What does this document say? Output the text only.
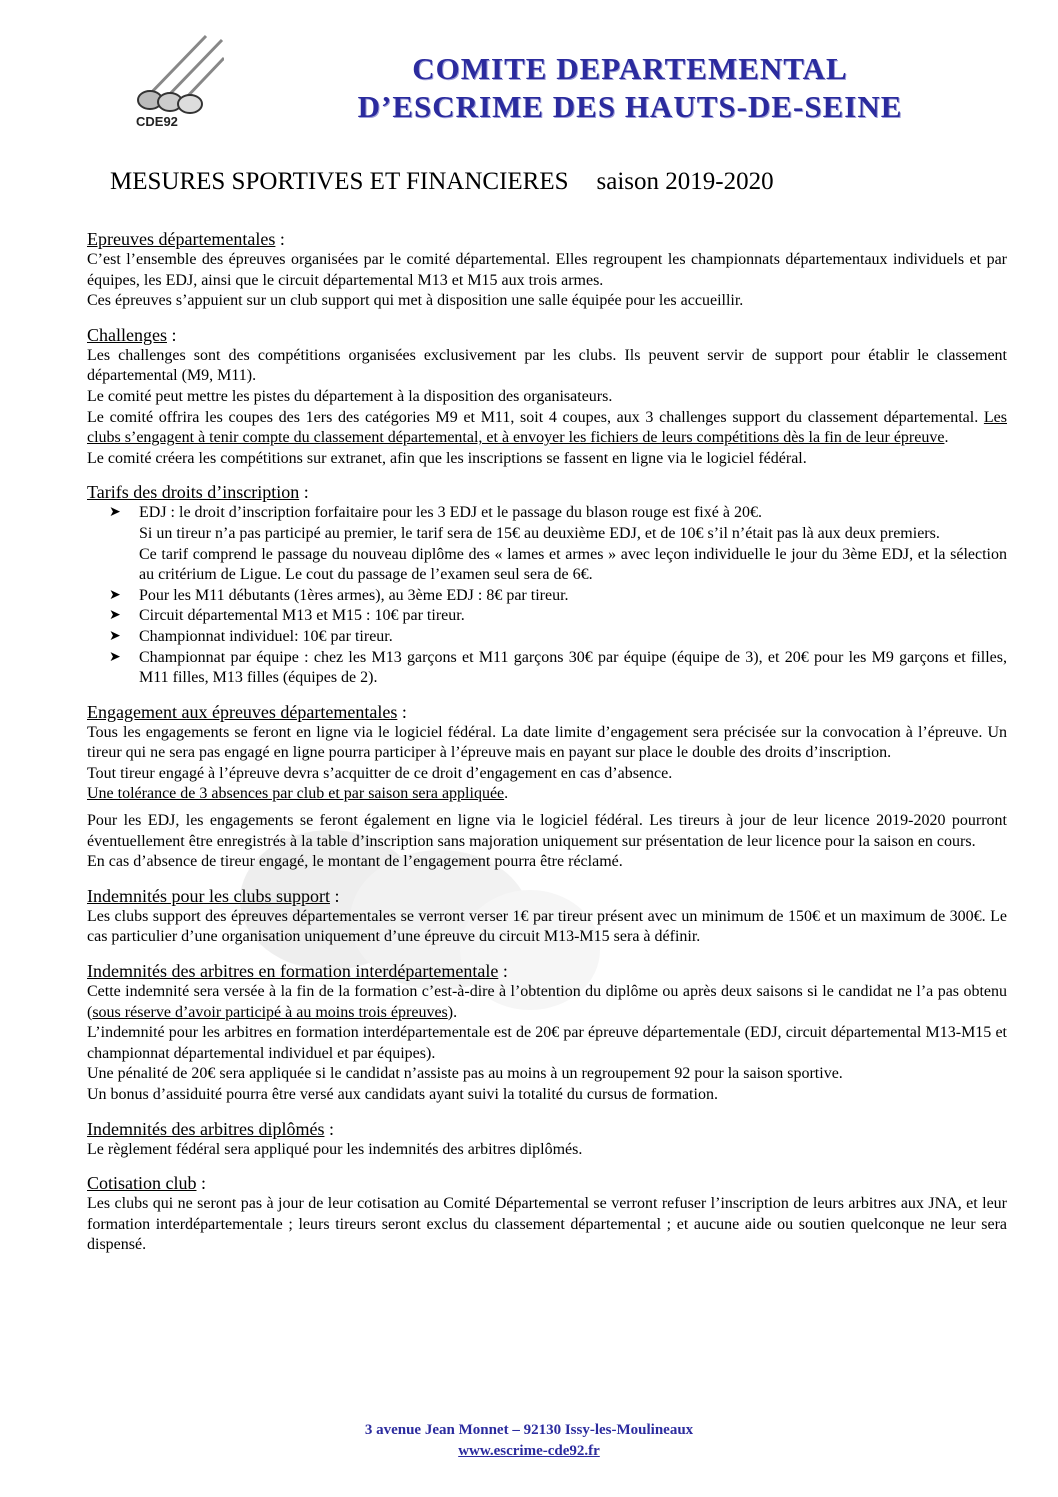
CDE92
COMITE DEPARTEMENTAL
D’ESCRIME DES HAUTS-DE-SEINE
MESURES SPORTIVES ET FINANCIERES saison 2019-2020
Epreuves départementales :

C’est l’ensemble des épreuves organisées par le comité départemental. Elles regroupent les championnats départementaux individuels et par équipes, les EDJ, ainsi que le circuit départemental M13 et M15 aux trois armes.

Ces épreuves s’appuient sur un club support qui met à disposition une salle équipée pour les accueillir.

Challenges :

Les challenges sont des compétitions organisées exclusivement par les clubs. Ils peuvent servir de support pour établir le classement départemental (M9, M11).

Le comité peut mettre les pistes du département à la disposition des organisateurs.

Le comité offrira les coupes des 1ers des catégories M9 et M11, soit 4 coupes, aux 3 challenges support du classement départemental. Les clubs s’engagent à tenir compte du classement départemental, et à envoyer les fichiers de leurs compétitions dès la fin de leur épreuve.

Le comité créera les compétitions sur extranet, afin que les inscriptions se fassent en ligne via le logiciel fédéral.

Tarifs des droits d’inscription :
➤ EDJ : le droit d’inscription forfaitaire pour les 3 EDJ et le passage du blason rouge est fixé à 20€.
Si un tireur n’a pas participé au premier, le tarif sera de 15€ au deuxième EDJ, et de 10€ s’il n’était pas là aux deux premiers.
Ce tarif comprend le passage du nouveau diplôme des « lames et armes » avec leçon individuelle le jour du 3ème EDJ, et la sélection au critérium de Ligue. Le cout du passage de l’examen seul sera de 6€.
➤ Pour les M11 débutants (1ères armes), au 3ème EDJ : 8€ par tireur.
➤ Circuit départemental M13 et M15 : 10€ par tireur.
➤ Championnat individuel: 10€ par tireur.
➤ Championnat par équipe : chez les M13 garçons et M11 garçons 30€ par équipe (équipe de 3), et 20€ pour les M9 garçons et filles, M11 filles, M13 filles (équipes de 2).
Engagement aux épreuves départementales :

Tous les engagements se feront en ligne via le logiciel fédéral. La date limite d’engagement sera précisée sur la convocation à l’épreuve. Un tireur qui ne sera pas engagé en ligne pourra participer à l’épreuve mais en payant sur place le double des droits d’inscription.

Tout tireur engagé à l’épreuve devra s’acquitter de ce droit d’engagement en cas d’absence.

Une tolérance de 3 absences par club et par saison sera appliquée.

Pour les EDJ, les engagements se feront également en ligne via le logiciel fédéral. Les tireurs à jour de leur licence 2019-2020 pourront éventuellement être enregistrés à la table d’inscription sans majoration uniquement sur présentation de leur licence pour la saison en cours.

En cas d’absence de tireur engagé, le montant de l’engagement pourra être réclamé.

Indemnités pour les clubs support :

Les clubs support des épreuves départementales se verront verser 1€ par tireur présent avec un minimum de 150€ et un maximum de 300€. Le cas particulier d’une organisation uniquement d’une épreuve du circuit M13-M15 sera à définir.

Indemnités des arbitres en formation interdépartementale :

Cette indemnité sera versée à la fin de la formation c’est-à-dire à l’obtention du diplôme ou après deux saisons si le candidat ne l’a pas obtenu (sous réserve d’avoir participé à au moins trois épreuves).

L’indemnité pour les arbitres en formation interdépartementale est de 20€ par épreuve départementale (EDJ, circuit départemental M13-M15 et championnat départemental individuel et par équipes).

Une pénalité de 20€ sera appliquée si le candidat n’assiste pas au moins à un regroupement 92 pour la saison sportive.

Un bonus d’assiduité pourra être versé aux candidats ayant suivi la totalité du cursus de formation.

Indemnités des arbitres diplômés :

Le règlement fédéral sera appliqué pour les indemnités des arbitres diplômés.

Cotisation club :

Les clubs qui ne seront pas à jour de leur cotisation au Comité Départemental se verront refuser l’inscription de leurs arbitres aux JNA, et leur formation interdépartementale ; leurs tireurs seront exclus du classement départemental ; et aucune aide ou soutien quelconque ne leur sera dispensé.

3 avenue Jean Monnet – 92130 Issy-les-Moulineaux
www.escrime-cde92.fr
